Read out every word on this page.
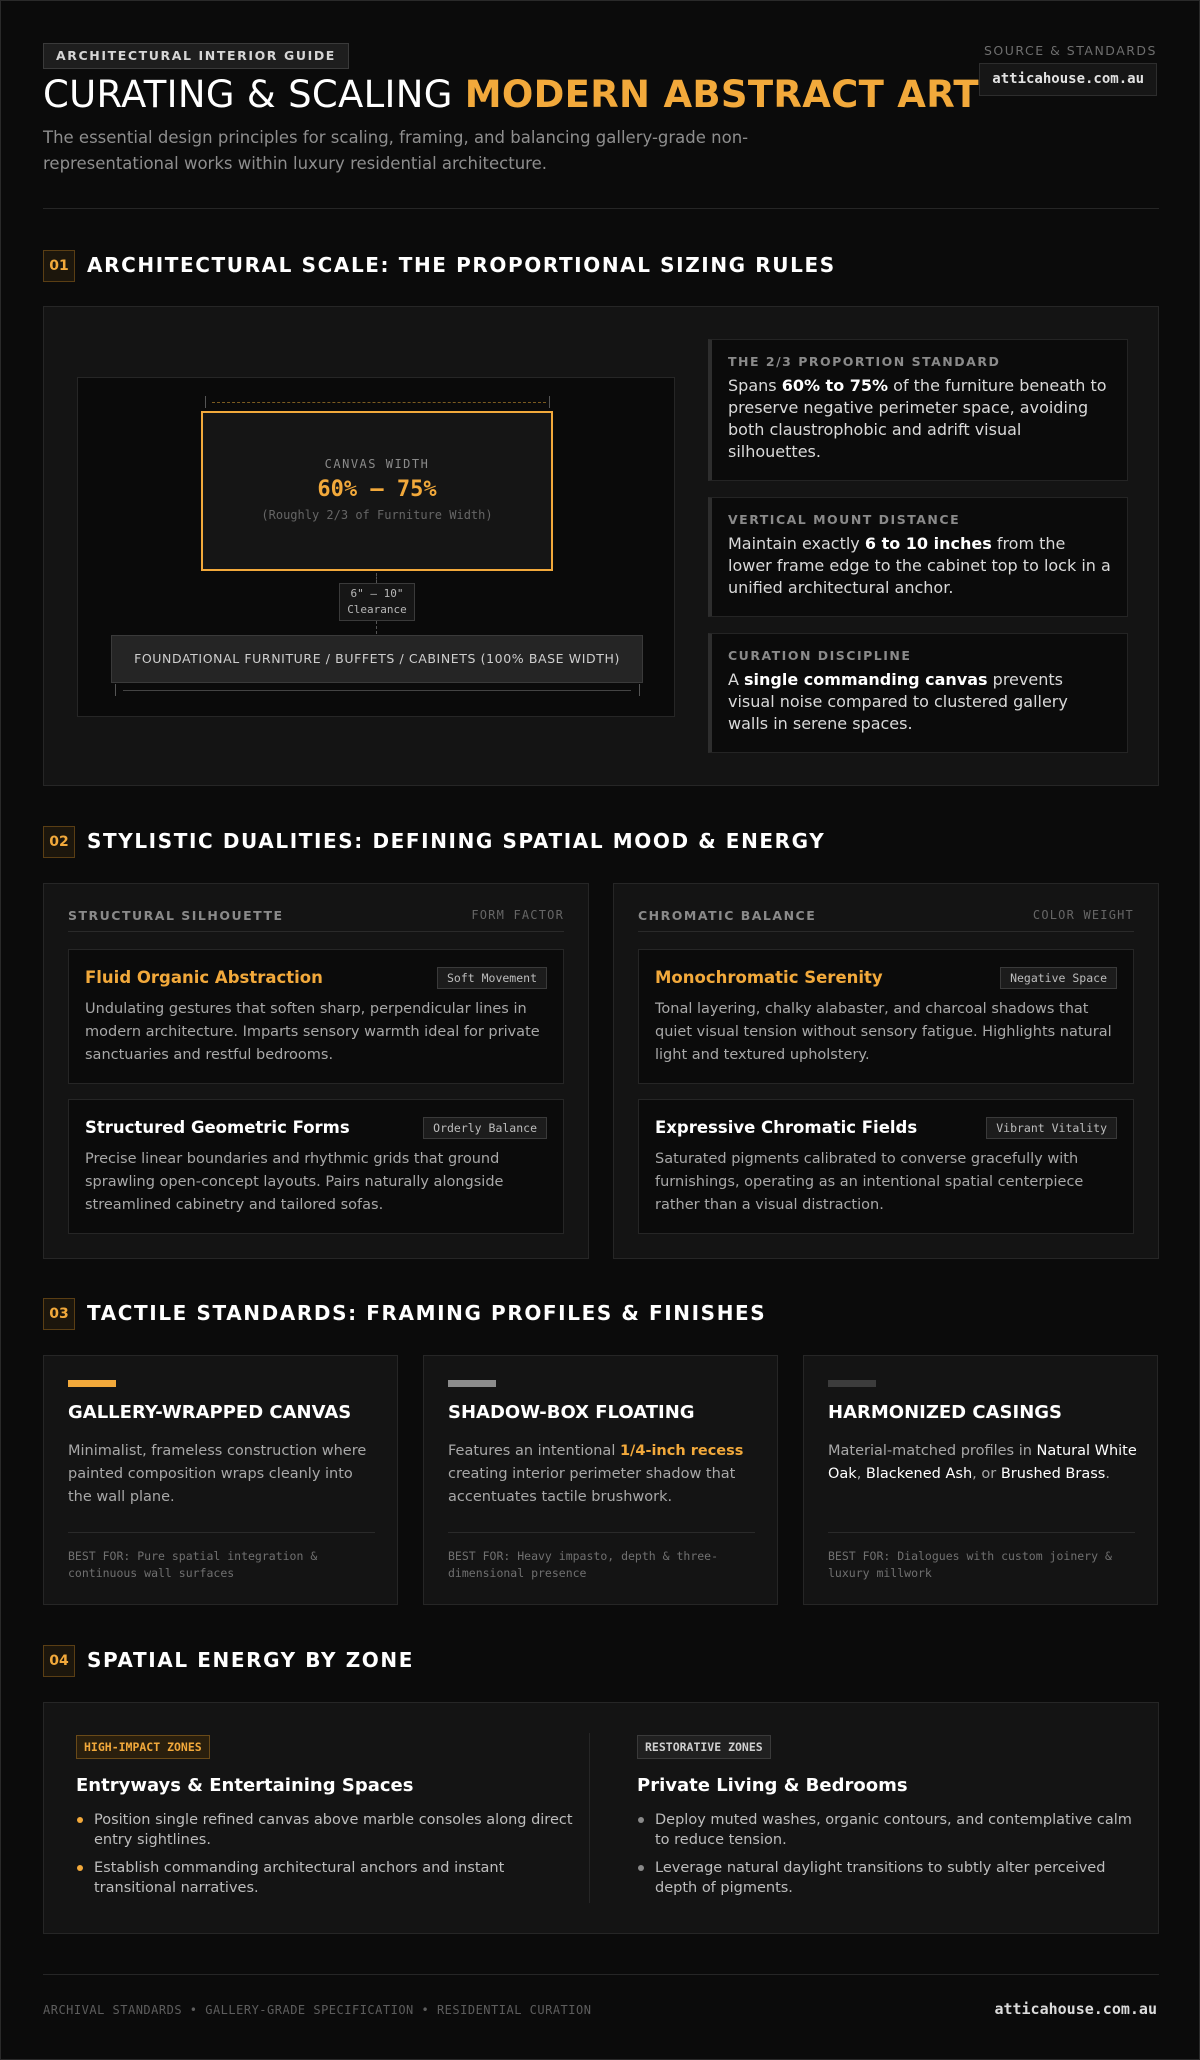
ARCHITECTURAL INTERIOR GUIDE
CURATING & SCALING MODERN ABSTRACT ART
The essential design principles for scaling, framing, and balancing gallery-grade non-representational works within luxury residential architecture.
SOURCE & STANDARDS
atticahouse.com.au
01 ARCHITECTURAL SCALE: THE PROPORTIONAL SIZING RULES
CANVAS WIDTH
60% – 75%
(Roughly 2/3 of Furniture Width)
6" – 10"
Clearance
FOUNDATIONAL FURNITURE / BUFFETS / CABINETS (100% BASE WIDTH)
THE 2/3 PROPORTION STANDARD
Spans 60% to 75% of the furniture beneath to preserve negative perimeter space, avoiding both claustrophobic and adrift visual silhouettes.
VERTICAL MOUNT DISTANCE
Maintain exactly 6 to 10 inches from the lower frame edge to the cabinet top to lock in a unified architectural anchor.
CURATION DISCIPLINE
A single commanding canvas prevents visual noise compared to clustered gallery walls in serene spaces.
02 STYLISTIC DUALITIES: DEFINING SPATIAL MOOD & ENERGY
STRUCTURAL SILHOUETTE	FORM FACTOR
Fluid Organic Abstraction	Soft Movement
Undulating gestures that soften sharp, perpendicular lines in modern architecture. Imparts sensory warmth ideal for private sanctuaries and restful bedrooms.
Structured Geometric Forms	Orderly Balance
Precise linear boundaries and rhythmic grids that ground sprawling open-concept layouts. Pairs naturally alongside streamlined cabinetry and tailored sofas.
CHROMATIC BALANCE	COLOR WEIGHT
Monochromatic Serenity	Negative Space
Tonal layering, chalky alabaster, and charcoal shadows that quiet visual tension without sensory fatigue. Highlights natural light and textured upholstery.
Expressive Chromatic Fields	Vibrant Vitality
Saturated pigments calibrated to converse gracefully with furnishings, operating as an intentional spatial centerpiece rather than a visual distraction.
03 TACTILE STANDARDS: FRAMING PROFILES & FINISHES
GALLERY-WRAPPED CANVAS
Minimalist, frameless construction where painted composition wraps cleanly into the wall plane.
BEST FOR: Pure spatial integration & continuous wall surfaces
SHADOW-BOX FLOATING
Features an intentional 1/4-inch recess creating interior perimeter shadow that accentuates tactile brushwork.
BEST FOR: Heavy impasto, depth & three-dimensional presence
HARMONIZED CASINGS
Material-matched profiles in Natural White Oak, Blackened Ash, or Brushed Brass.
BEST FOR: Dialogues with custom joinery & luxury millwork
04 SPATIAL ENERGY BY ZONE
HIGH-IMPACT ZONES
Entryways & Entertaining Spaces
Position single refined canvas above marble consoles along direct entry sightlines.
Establish commanding architectural anchors and instant transitional narratives.
RESTORATIVE ZONES
Private Living & Bedrooms
Deploy muted washes, organic contours, and contemplative calm to reduce tension.
Leverage natural daylight transitions to subtly alter perceived depth of pigments.
ARCHIVAL STANDARDS • GALLERY-GRADE SPECIFICATION • RESIDENTIAL CURATION	atticahouse.com.au
